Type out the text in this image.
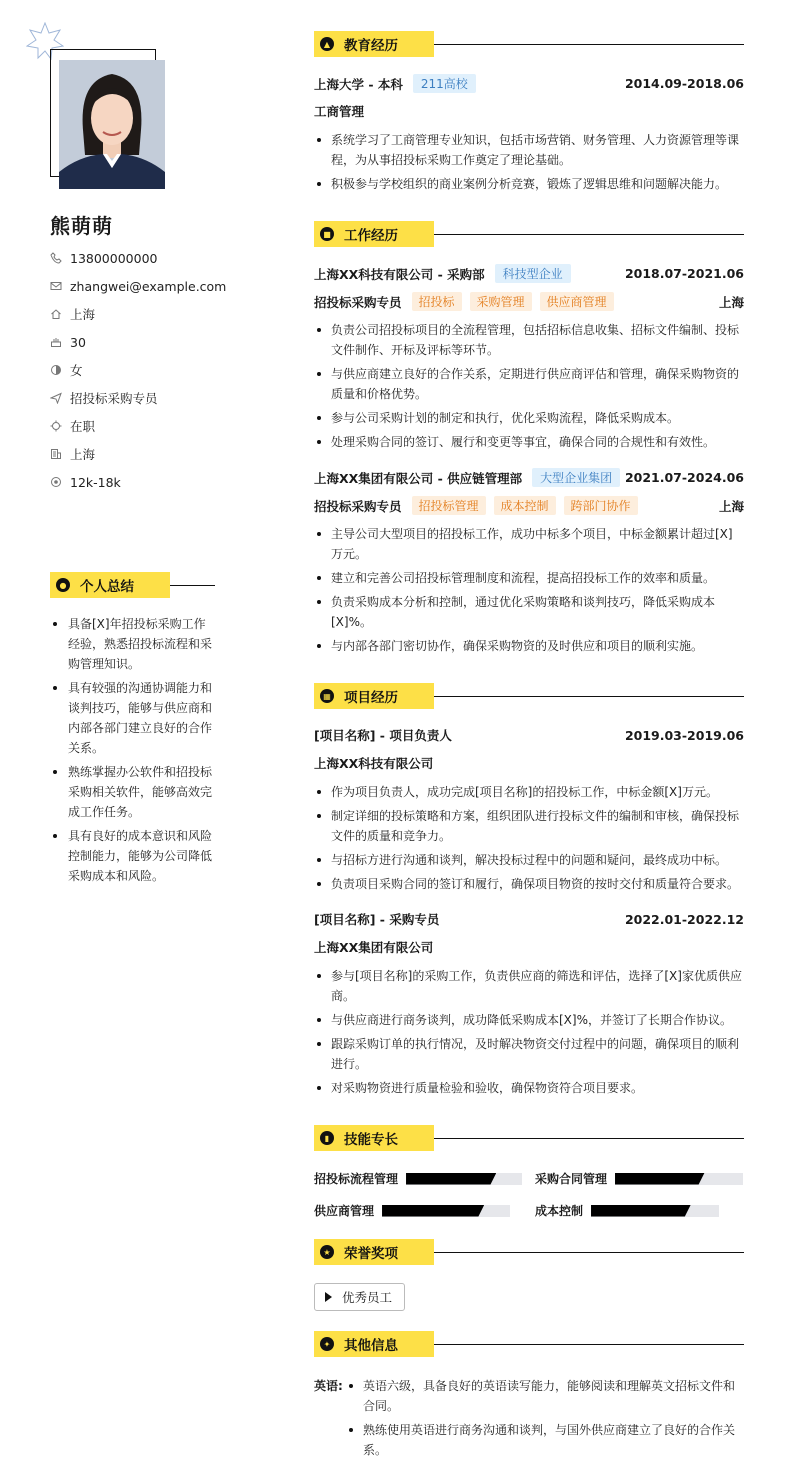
熊萌萌
13800000000
zhangwei@example.com
上海
30
女
招投标采购专员
在职
上海
12k-18k
● 个人总结
具备[X]年招投标采购工作经验，熟悉招投标流程和采购管理知识。
具有较强的沟通协调能力和谈判技巧，能够与供应商和内部各部门建立良好的合作关系。
熟练掌握办公软件和招投标采购相关软件，能够高效完成工作任务。
具有良好的成本意识和风险控制能力，能够为公司降低采购成本和风险。
▲ 教育经历
上海大学 - 本科	211高校	2014.09-2018.06
工商管理
系统学习了工商管理专业知识，包括市场营销、财务管理、人力资源管理等课程，为从事招投标采购工作奠定了理论基础。
积极参与学校组织的商业案例分析竞赛，锻炼了逻辑思维和问题解决能力。
■ 工作经历
上海XX科技有限公司 - 采购部	科技型企业	2018.07-2021.06
招投标采购专员	招投标	采购管理	供应商管理	上海
负责公司招投标项目的全流程管理，包括招标信息收集、招标文件编制、投标文件制作、开标及评标等环节。
与供应商建立良好的合作关系，定期进行供应商评估和管理，确保采购物资的质量和价格优势。
参与公司采购计划的制定和执行，优化采购流程，降低采购成本。
处理采购合同的签订、履行和变更等事宜，确保合同的合规性和有效性。
上海XX集团有限公司 - 供应链管理部	大型企业集团	2021.07-2024.06
招投标采购专员	招投标管理	成本控制	跨部门协作	上海
主导公司大型项目的招投标工作，成功中标多个项目，中标金额累计超过[X]万元。
建立和完善公司招投标管理制度和流程，提高招投标工作的效率和质量。
负责采购成本分析和控制，通过优化采购策略和谈判技巧，降低采购成本[X]%。
与内部各部门密切协作，确保采购物资的及时供应和项目的顺利实施。
▦ 项目经历
[项目名称] - 项目负责人	2019.03-2019.06
上海XX科技有限公司
作为项目负责人，成功完成[项目名称]的招投标工作，中标金额[X]万元。
制定详细的投标策略和方案，组织团队进行投标文件的编制和审核，确保投标文件的质量和竞争力。
与招标方进行沟通和谈判，解决投标过程中的问题和疑问，最终成功中标。
负责项目采购合同的签订和履行，确保项目物资的按时交付和质量符合要求。
[项目名称] - 采购专员	2022.01-2022.12
上海XX集团有限公司
参与[项目名称]的采购工作，负责供应商的筛选和评估，选择了[X]家优质供应商。
与供应商进行商务谈判，成功降低采购成本[X]%，并签订了长期合作协议。
跟踪采购订单的执行情况，及时解决物资交付过程中的问题，确保项目的顺利进行。
对采购物资进行质量检验和验收，确保物资符合项目要求。
▮	技能专长
招投标流程管理	采购合同管理
供应商管理	成本控制
★ 荣誉奖项
优秀员工
✦ 其他信息
英语:	英语六级，具备良好的英语读写能力，能够阅读和理解英文招标文件和合同。
熟练使用英语进行商务沟通和谈判，与国外供应商建立了良好的合作关系。
